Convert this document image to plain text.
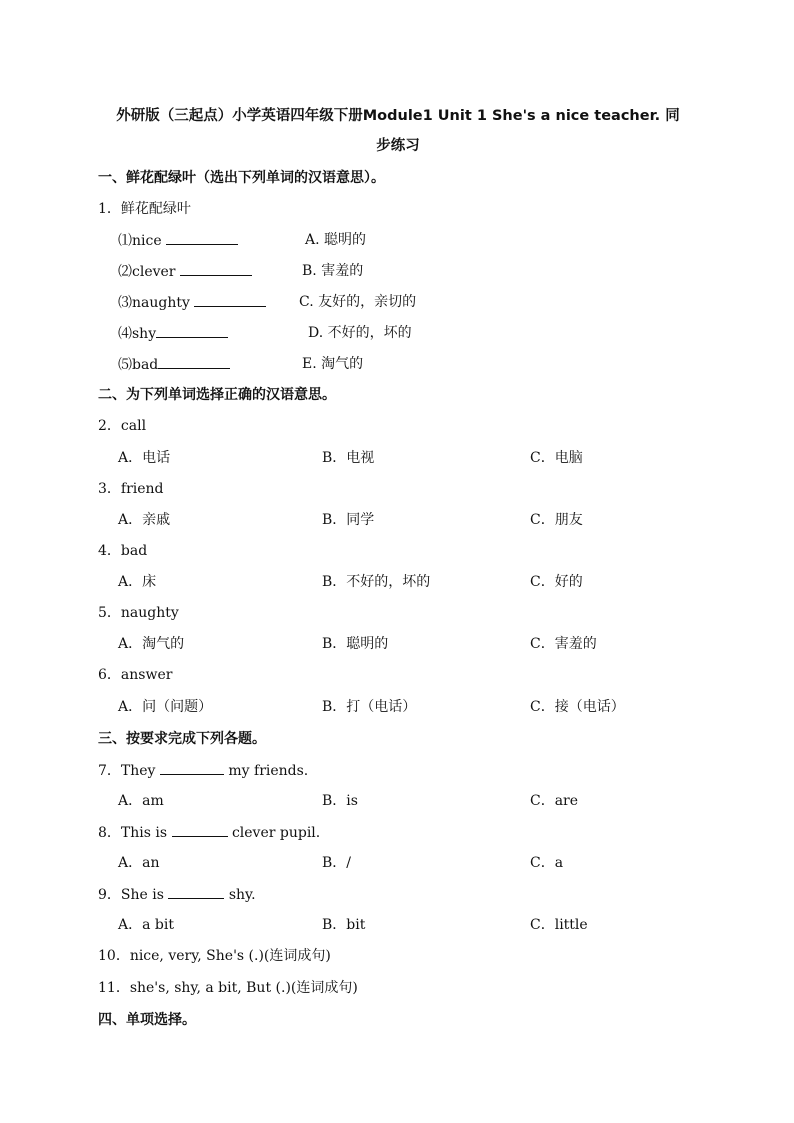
外研版（三起点）小学英语四年级下册Module1 Unit 1 She's a nice teacher. 同
步练习
一、鲜花配绿叶（选出下列单词的汉语意思）。
1．鲜花配绿叶
⑴nice	A. 聪明的
⑵clever	B. 害羞的
⑶naughty	C. 友好的，亲切的
⑷shy	D. 不好的，坏的
⑸bad	E. 淘气的
二、为下列单词选择正确的汉语意思。
2．call
A．电话	B．电视	C．电脑
3．friend
A．亲戚	B．同学	C．朋友
4．bad
A．床	B．不好的，坏的	C．好的
5．naughty
A．淘气的	B．聪明的	C．害羞的
6．answer
A．问（问题）	B．打（电话）	C．接（电话）
三、按要求完成下列各题。
7．They	my friends.
A．am	B．is	C．are
8．This is	clever pupil.
A．an	B．/	C．a
9．She is	shy.
A．a bit	B．bit	C．little
10．nice, very, She's (.)(连词成句)
11．she's, shy, a bit, But (.)(连词成句)
四、单项选择。
